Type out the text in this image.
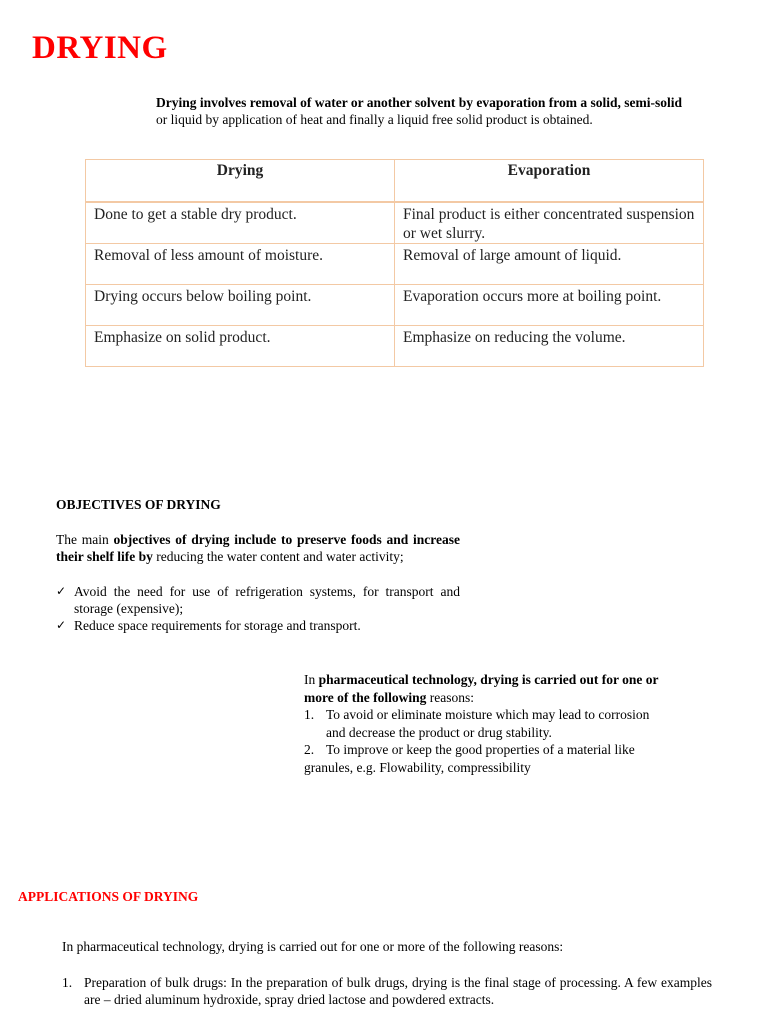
DRYING
Drying involves removal of water or another solvent by evaporation from a solid, semi-solid
or liquid by application of heat and finally a liquid free solid product is obtained.
Drying	Evaporation
Done to get a stable dry product.	Final product is either concentrated suspension or wet slurry.
Removal of less amount of moisture.	Removal of large amount of liquid.
Drying occurs below boiling point.	Evaporation occurs more at boiling point.
Emphasize on solid product.	Emphasize on reducing the volume.
OBJECTIVES OF DRYING
The main objectives of drying include to preserve foods and increase their shelf life by reducing the water content and water activity;
✓ Avoid the need for use of refrigeration systems, for transport and storage (expensive);
✓ Reduce space requirements for storage and transport.
In pharmaceutical technology, drying is carried out for one or more of the following reasons:
1. To avoid or eliminate moisture which may lead to corrosion
and decrease the product or drug stability.
2. To improve or keep the good properties of a material like
granules, e.g. Flowability, compressibility
APPLICATIONS OF DRYING
In pharmaceutical technology, drying is carried out for one or more of the following reasons:
1. Preparation of bulk drugs: In the preparation of bulk drugs, drying is the final stage of processing. A few examples are – dried aluminum hydroxide, spray dried lactose and powdered extracts.
